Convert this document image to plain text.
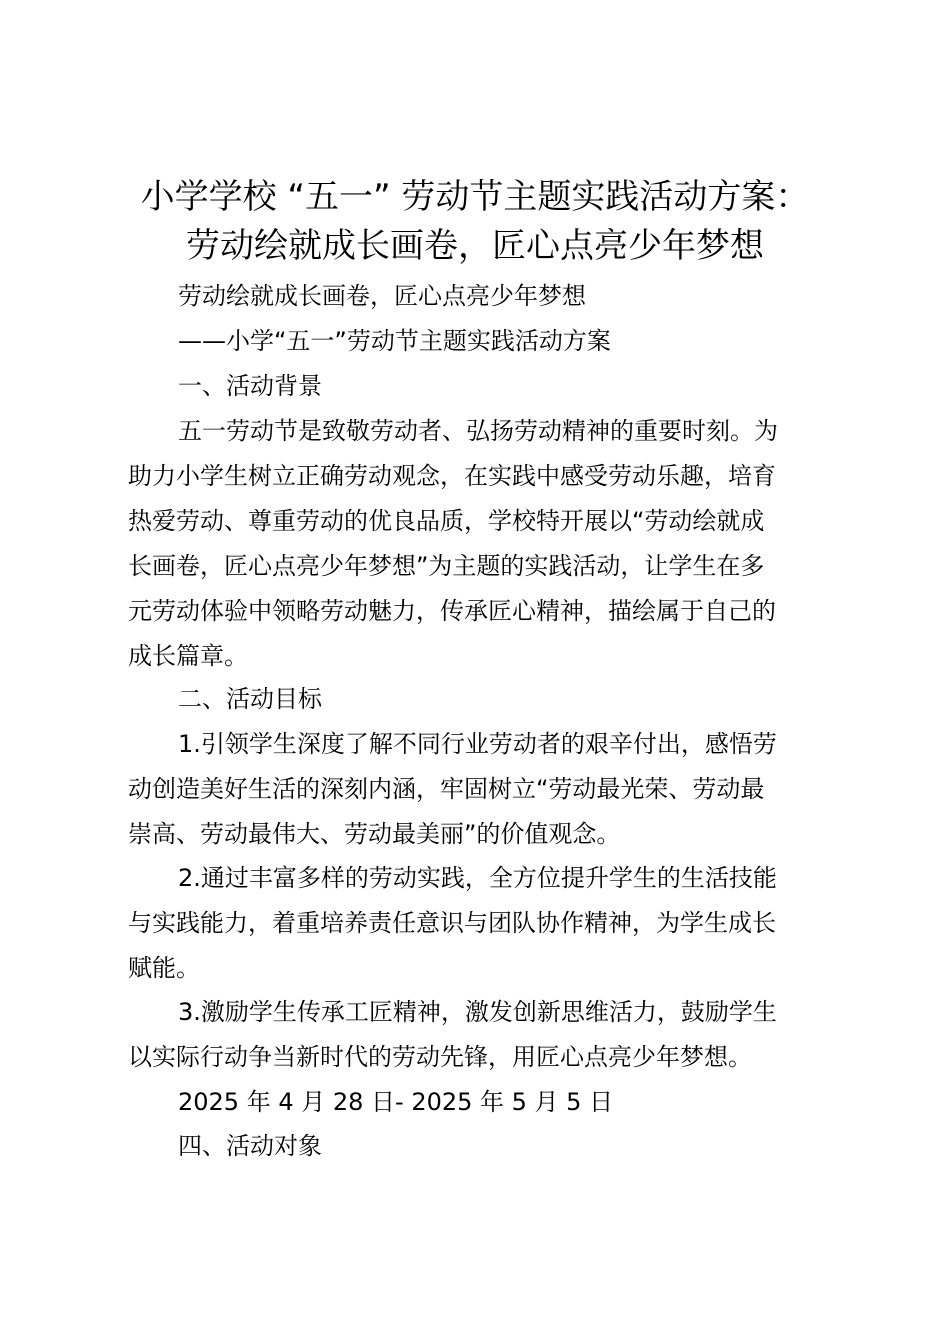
小学学校 “五一” 劳动节主题实践活动方案：
劳动绘就成长画卷，匠心点亮少年梦想
劳动绘就成长画卷，匠心点亮少年梦想
——小学“五一”劳动节主题实践活动方案
一、活动背景
五一劳动节是致敬劳动者、弘扬劳动精神的重要时刻。为
助力小学生树立正确劳动观念，在实践中感受劳动乐趣，培育
热爱劳动、尊重劳动的优良品质，学校特开展以“劳动绘就成
长画卷，匠心点亮少年梦想”为主题的实践活动，让学生在多
元劳动体验中领略劳动魅力，传承匠心精神，描绘属于自己的
成长篇章。
二、活动目标
1.引领学生深度了解不同行业劳动者的艰辛付出，感悟劳
动创造美好生活的深刻内涵，牢固树立“劳动最光荣、劳动最
崇高、劳动最伟大、劳动最美丽”的价值观念。
2.通过丰富多样的劳动实践，全方位提升学生的生活技能
与实践能力，着重培养责任意识与团队协作精神，为学生成长
赋能。
3.激励学生传承工匠精神，激发创新思维活力，鼓励学生
以实际行动争当新时代的劳动先锋，用匠心点亮少年梦想。
2025 年 4 月 28 日- 2025 年 5 月 5 日
四、活动对象
